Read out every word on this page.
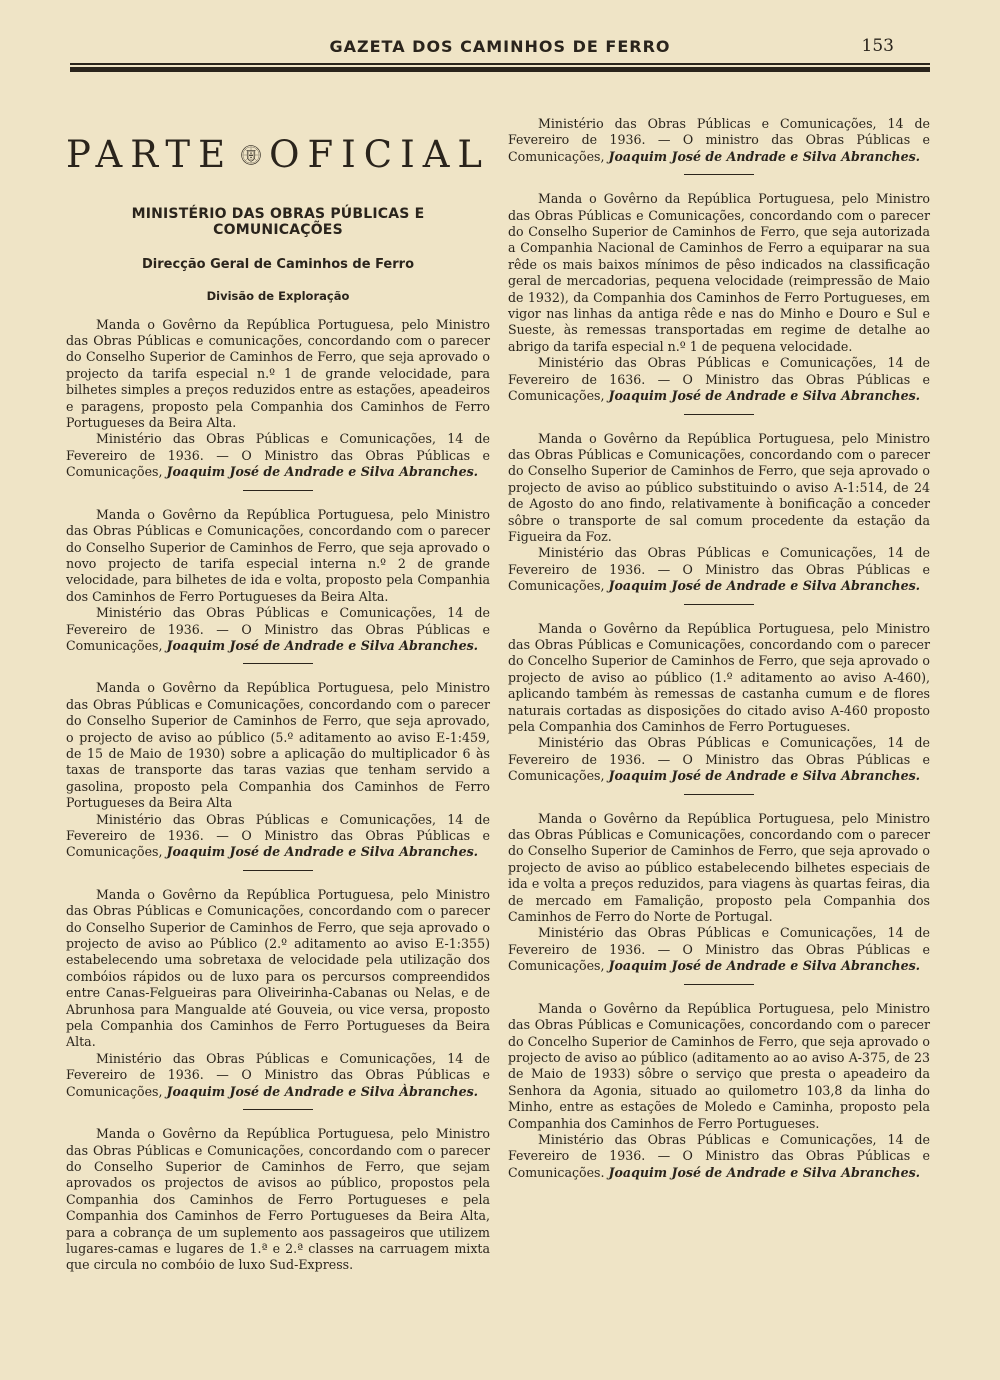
GAZETA DOS CAMINHOS DE FERRO	153
PARTE OFICIAL
MINISTÉRIO DAS OBRAS PÚBLICAS E COMUNICAÇÕES
Direcção Geral de Caminhos de Ferro
Divisão de Exploração

Manda o Govêrno da República Portuguesa, pelo Ministro das Obras Públicas e comunicações, concordando com o parecer do Conselho Superior de Caminhos de Ferro, que seja aprovado o projecto da tarifa especial n.º 1 de grande velocidade, para bilhetes simples a preços reduzidos entre as estações, apeadeiros e paragens, proposto pela Companhia dos Caminhos de Ferro Portugueses da Beira Alta.

Ministério das Obras Públicas e Comunicações, 14 de Fevereiro de 1936. — O Ministro das Obras Públicas e Comunicações, Joaquim José de Andrade e Silva Abranches.

Manda o Govêrno da República Portuguesa, pelo Ministro das Obras Públicas e Comunicações, concordando com o parecer do Conselho Superior de Caminhos de Ferro, que seja aprovado o novo projecto de tarifa especial interna n.º 2 de grande velocidade, para bilhetes de ida e volta, proposto pela Companhia dos Caminhos de Ferro Portugueses da Beira Alta.

Ministério das Obras Públicas e Comunicações, 14 de Fevereiro de 1936. — O Ministro das Obras Públicas e Comunicações, Joaquim José de Andrade e Silva Abranches.

Manda o Govêrno da República Portuguesa, pelo Ministro das Obras Públicas e Comunicações, concordando com o parecer do Conselho Superior de Caminhos de Ferro, que seja aprovado, o projecto de aviso ao público (5.º aditamento ao aviso E-1:459, de 15 de Maio de 1930) sobre a aplicação do multiplicador 6 às taxas de transporte das taras vazias que tenham servido a gasolina, proposto pela Companhia dos Caminhos de Ferro Portugueses da Beira Alta

Ministério das Obras Públicas e Comunicações, 14 de Fevereiro de 1936. — O Ministro das Obras Públicas e Comunicações, Joaquim José de Andrade e Silva Abranches.

Manda o Govêrno da República Portuguesa, pelo Ministro das Obras Públicas e Comunicações, concordando com o parecer do Conselho Superior de Caminhos de Ferro, que seja aprovado o projecto de aviso ao Público (2.º aditamento ao aviso E-1:355) estabelecendo uma sobretaxa de velocidade pela utilização dos combóios rápidos ou de luxo para os percursos compreendidos entre Canas-Felgueiras para Oliveirinha-Cabanas ou Nelas, e de Abrunhosa para Mangualde até Gouveia, ou vice versa, proposto pela Companhia dos Caminhos de Ferro Portugueses da Beira Alta.

Ministério das Obras Públicas e Comunicações, 14 de Fevereiro de 1936. — O Ministro das Obras Públicas e Comunicações, Joaquim José de Andrade e Silva Àbranches.

Manda o Govêrno da República Portuguesa, pelo Ministro das Obras Públicas e Comunicações, concordando com o parecer do Conselho Superior de Caminhos de Ferro, que sejam aprovados os projectos de avisos ao público, propostos pela Companhia dos Caminhos de Ferro Portugueses e pela Companhia dos Caminhos de Ferro Portugueses da Beira Alta, para a cobrança de um suplemento aos passageiros que utilizem lugares-camas e lugares de 1.ª e 2.ª classes na carruagem mixta que circula no combóio de luxo Sud-Express.

Ministério das Obras Públicas e Comunicações, 14 de Fevereiro de 1936. — O ministro das Obras Públicas e Comunicações, Joaquim José de Andrade e Silva Abranches.

Manda o Govêrno da República Portuguesa, pelo Ministro das Obras Públicas e Comunicações, concordando com o parecer do Conselho Superior de Caminhos de Ferro, que seja autorizada a Companhia Nacional de Caminhos de Ferro a equiparar na sua rêde os mais baixos mínimos de pêso indicados na classificação geral de mercadorias, pequena velocidade (reimpressão de Maio de 1932), da Companhia dos Caminhos de Ferro Portugueses, em vigor nas linhas da antiga rêde e nas do Minho e Douro e Sul e Sueste, às remessas transportadas em regime de detalhe ao abrigo da tarifa especial n.º 1 de pequena velocidade.

Ministério das Obras Públicas e Comunicações, 14 de Fevereiro de 1636. — O Ministro das Obras Públicas e Comunicações, Joaquim José de Andrade e Silva Abranches.

Manda o Govêrno da República Portuguesa, pelo Ministro das Obras Públicas e Comunicações, concordando com o parecer do Conselho Superior de Caminhos de Ferro, que seja aprovado o projecto de aviso ao público substituindo o aviso A-1:514, de 24 de Agosto do ano findo, relativamente à bonificação a conceder sôbre o transporte de sal comum procedente da estação da Figueira da Foz.

Ministério das Obras Públicas e Comunicações, 14 de Fevereiro de 1936. — O Ministro das Obras Públicas e Comunicações, Joaquim José de Andrade e Silva Abranches.

Manda o Govêrno da República Portuguesa, pelo Ministro das Obras Públicas e Comunicações, concordando com o parecer do Concelho Superior de Caminhos de Ferro, que seja aprovado o projecto de aviso ao público (1.º aditamento ao aviso A-460), aplicando também às remessas de castanha cumum e de flores naturais cortadas as disposições do citado aviso A-460 proposto pela Companhia dos Caminhos de Ferro Portugueses.

Ministério das Obras Públicas e Comunicações, 14 de Fevereiro de 1936. — O Ministro das Obras Públicas e Comunicações, Joaquim José de Andrade e Silva Abranches.

Manda o Govêrno da República Portuguesa, pelo Ministro das Obras Públicas e Comunicações, concordando com o parecer do Conselho Superior de Caminhos de Ferro, que seja aprovado o projecto de aviso ao público estabelecendo bilhetes especiais de ida e volta a preços reduzidos, para viagens às quartas feiras, dia de mercado em Famalição, proposto pela Companhia dos Caminhos de Ferro do Norte de Portugal.

Ministério das Obras Públicas e Comunicações, 14 de Fevereiro de 1936. — O Ministro das Obras Públicas e Comunicações, Joaquim José de Andrade e Silva Abranches.

Manda o Govêrno da República Portuguesa, pelo Ministro das Obras Públicas e Comunicações, concordando com o parecer do Concelho Superior de Caminhos de Ferro, que seja aprovado o projecto de aviso ao público (aditamento ao ao aviso A-375, de 23 de Maio de 1933) sôbre o serviço que presta o apeadeiro da Senhora da Agonia, situado ao quilometro 103,8 da linha do Minho, entre as estações de Moledo e Caminha, proposto pela Companhia dos Caminhos de Ferro Portugueses.

Ministério das Obras Públicas e Comunicações, 14 de Fevereiro de 1936. — O Ministro das Obras Públicas e Comunicações. Joaquim José de Andrade e Silva Abranches.
